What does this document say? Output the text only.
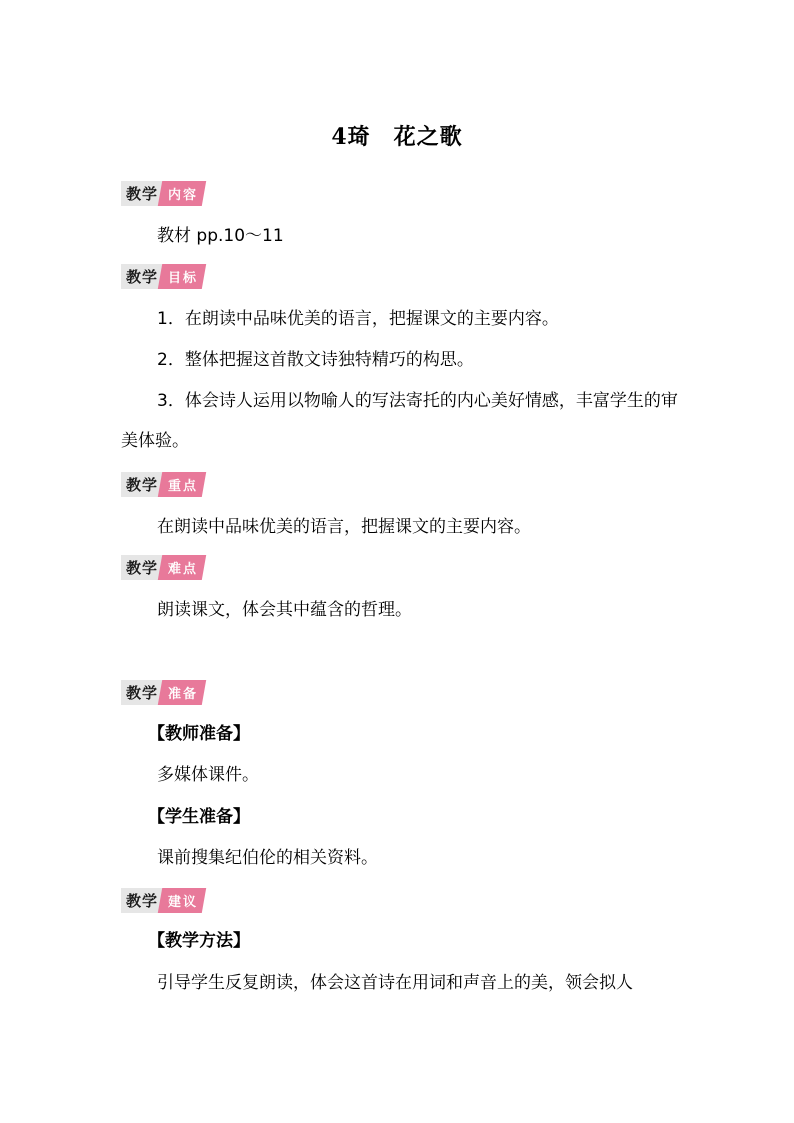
4琦　花之歌
教学 内容
教材 pp.10～11
教学 目标
1．在朗读中品味优美的语言，把握课文的主要内容。
2．整体把握这首散文诗独特精巧的构思。
3．体会诗人运用以物喻人的写法寄托的内心美好情感，丰富学生的审美体验。
教学 重点
在朗读中品味优美的语言，把握课文的主要内容。
教学 难点
朗读课文，体会其中蕴含的哲理。
教学 准备
【教师准备】
多媒体课件。
【学生准备】
课前搜集纪伯伦的相关资料。
教学 建议
【教学方法】
引导学生反复朗读，体会这首诗在用词和声音上的美，领会拟人
